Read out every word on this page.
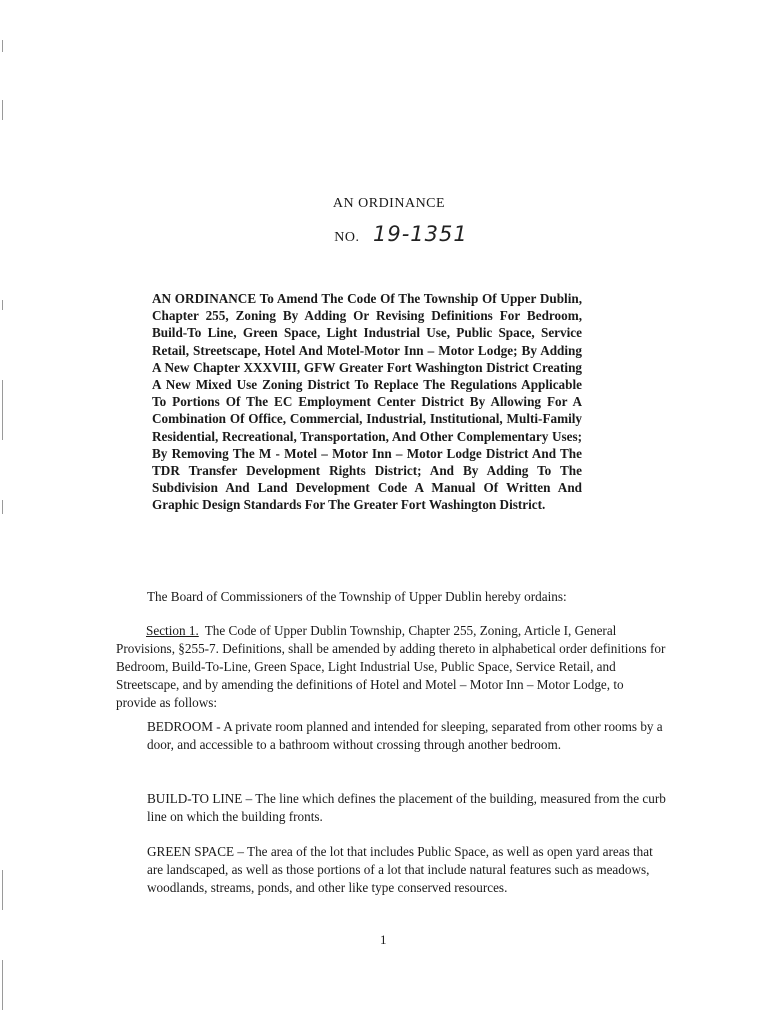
AN ORDINANCE
NO. 19-1351
AN ORDINANCE To Amend The Code Of The Township Of Upper Dublin, Chapter 255, Zoning By Adding Or Revising Definitions For Bedroom, Build-To Line, Green Space, Light Industrial Use, Public Space, Service Retail, Streetscape, Hotel And Motel-Motor Inn – Motor Lodge; By Adding A New Chapter XXXVIII, GFW Greater Fort Washington District Creating A New Mixed Use Zoning District To Replace The Regulations Applicable To Portions Of The EC Employment Center District By Allowing For A Combination Of Office, Commercial, Industrial, Institutional, Multi-Family Residential, Recreational, Transportation, And Other Complementary Uses; By Removing The M - Motel – Motor Inn – Motor Lodge District And The TDR Transfer Development Rights District; And By Adding To The Subdivision And Land Development Code A Manual Of Written And Graphic Design Standards For The Greater Fort Washington District.
The Board of Commissioners of the Township of Upper Dublin hereby ordains:
Section 1. The Code of Upper Dublin Township, Chapter 255, Zoning, Article I, General Provisions, §255-7. Definitions, shall be amended by adding thereto in alphabetical order definitions for Bedroom, Build-To-Line, Green Space, Light Industrial Use, Public Space, Service Retail, and Streetscape, and by amending the definitions of Hotel and Motel – Motor Inn – Motor Lodge, to provide as follows:
BEDROOM - A private room planned and intended for sleeping, separated from other rooms by a door, and accessible to a bathroom without crossing through another bedroom.
BUILD-TO LINE – The line which defines the placement of the building, measured from the curb line on which the building fronts.
GREEN SPACE – The area of the lot that includes Public Space, as well as open yard areas that are landscaped, as well as those portions of a lot that include natural features such as meadows, woodlands, streams, ponds, and other like type conserved resources.
1
